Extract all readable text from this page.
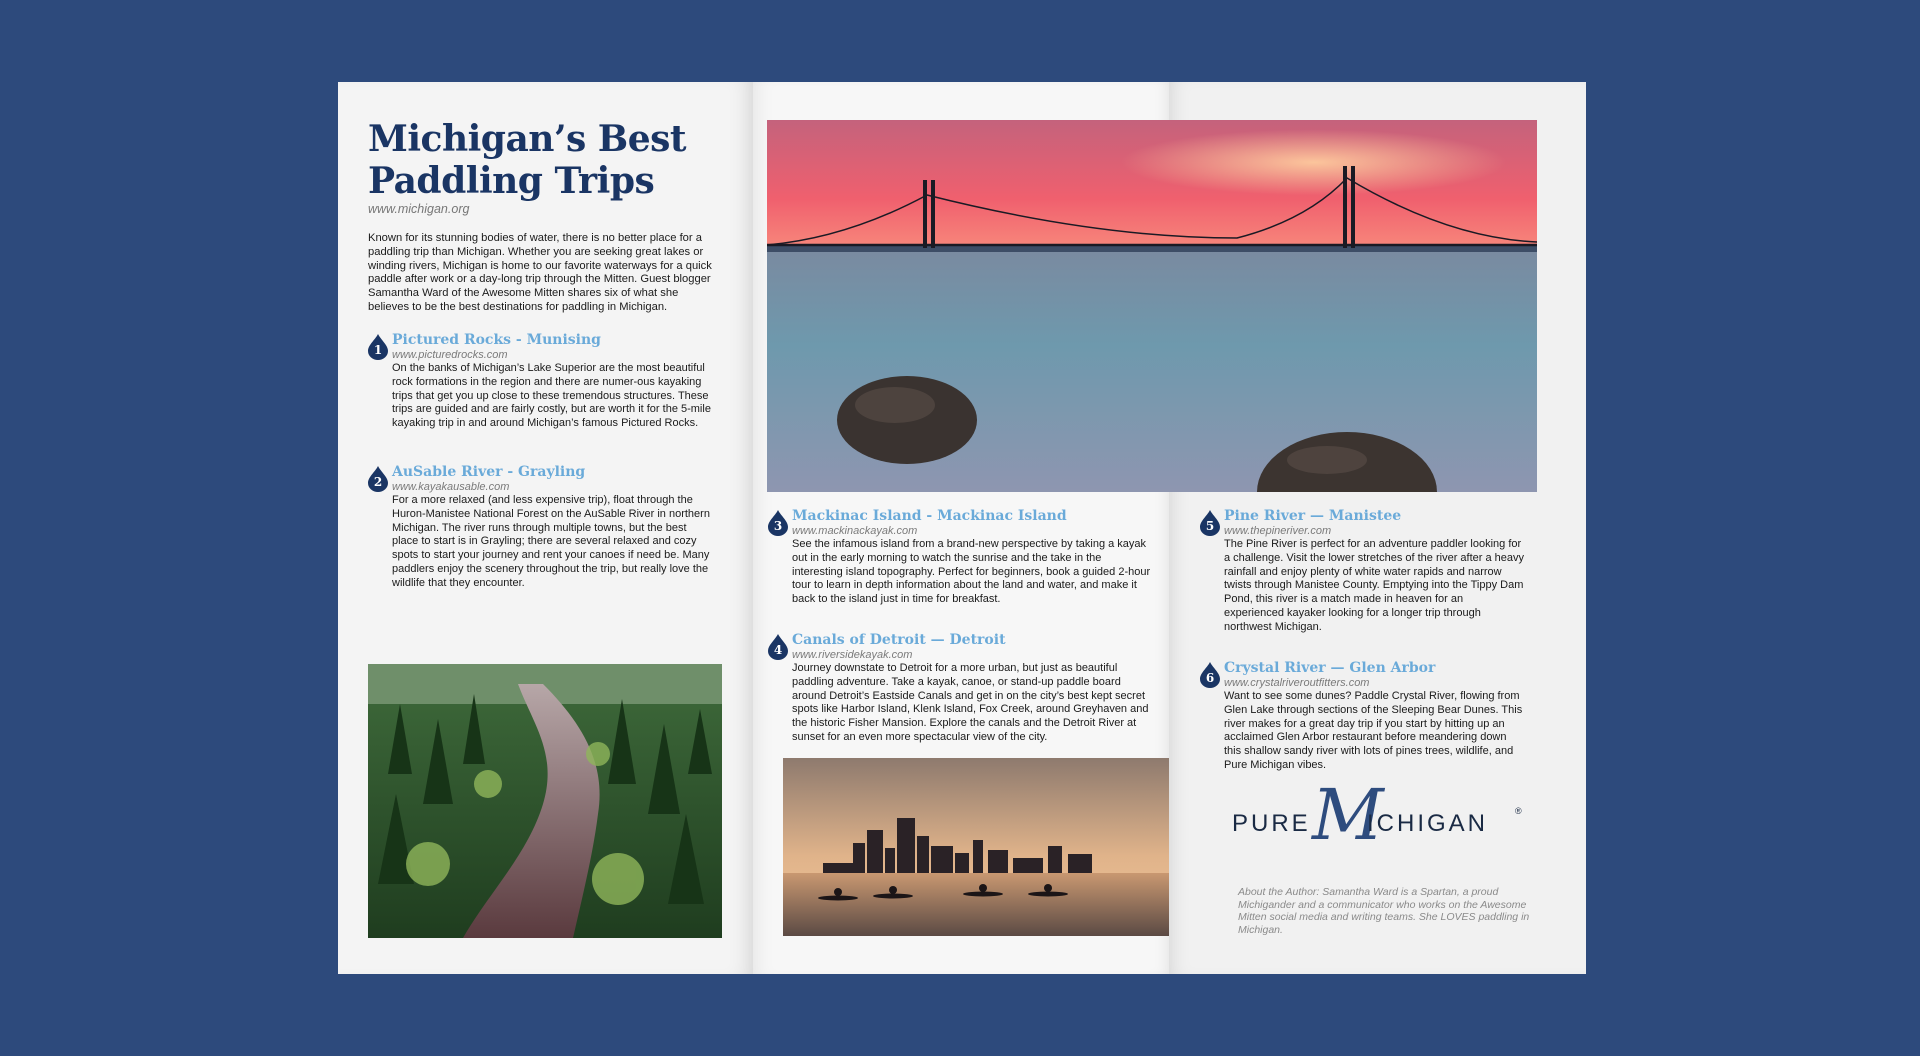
Michigan’s Best
Paddling Trips
www.michigan.org
Known for its stunning bodies of water, there is no better place for a paddling trip than Michigan. Whether you are seeking great lakes or winding rivers, Michigan is home to our favorite waterways for a quick paddle after work or a day-long trip through the Mitten. Guest blogger Samantha Ward of the Awesome Mitten shares six of what she believes to be the best destinations for paddling in Michigan.
1
Pictured Rocks - Munising
www.picturedrocks.com
On the banks of Michigan’s Lake Superior are the most beautiful rock formations in the region and there are numer-ous kayaking trips that get you up close to these tremendous structures. These trips are guided and are fairly costly, but are worth it for the 5-mile kayaking trip in and around Michigan’s famous Pictured Rocks.
2
AuSable River - Grayling
www.kayakausable.com
For a more relaxed (and less expensive trip), float through the Huron-Manistee National Forest on the AuSable River in northern Michigan. The river runs through multiple towns, but the best place to start is in Grayling; there are several relaxed and cozy spots to start your journey and rent your canoes if need be. Many paddlers enjoy the scenery throughout the trip, but really love the wildlife that they encounter.
3
Mackinac Island - Mackinac Island
www.mackinackayak.com
See the infamous island from a brand-new perspective by taking a kayak out in the early morning to watch the sunrise and the take in the interesting island topography. Perfect for beginners, book a guided 2-hour tour to learn in depth information about the land and water, and make it back to the island just in time for breakfast.
4
Canals of Detroit — Detroit
www.riversidekayak.com
Journey downstate to Detroit for a more urban, but just as beautiful paddling adventure. Take a kayak, canoe, or stand-up paddle board around Detroit’s Eastside Canals and get in on the city’s best kept secret spots like Harbor Island, Klenk Island, Fox Creek, around Greyhaven and the historic Fisher Mansion. Explore the canals and the Detroit River at sunset for an even more spectacular view of the city.
5
Pine River — Manistee
www.thepineriver.com
The Pine River is perfect for an adventure paddler looking for a challenge. Visit the lower stretches of the river after a heavy rainfall and enjoy plenty of white water rapids and narrow twists through Manistee County. Emptying into the Tippy Dam Pond, this river is a match made in heaven for an experienced kayaker looking for a longer trip through northwest Michigan.
6
Crystal River — Glen Arbor
www.crystalriveroutfitters.com
Want to see some dunes? Paddle Crystal River, flowing from Glen Lake through sections of the Sleeping Bear Dunes. This river makes for a great day trip if you start by hitting up an acclaimed Glen Arbor restaurant before meandering down this shallow sandy river with lots of pines trees, wildlife, and Pure Michigan vibes.
PURE M
ICHIGAN	®
About the Author: Samantha Ward is a Spartan, a proud Michigander and a communicator who works on the Awesome Mitten social media and writing teams. She LOVES paddling in Michigan.
